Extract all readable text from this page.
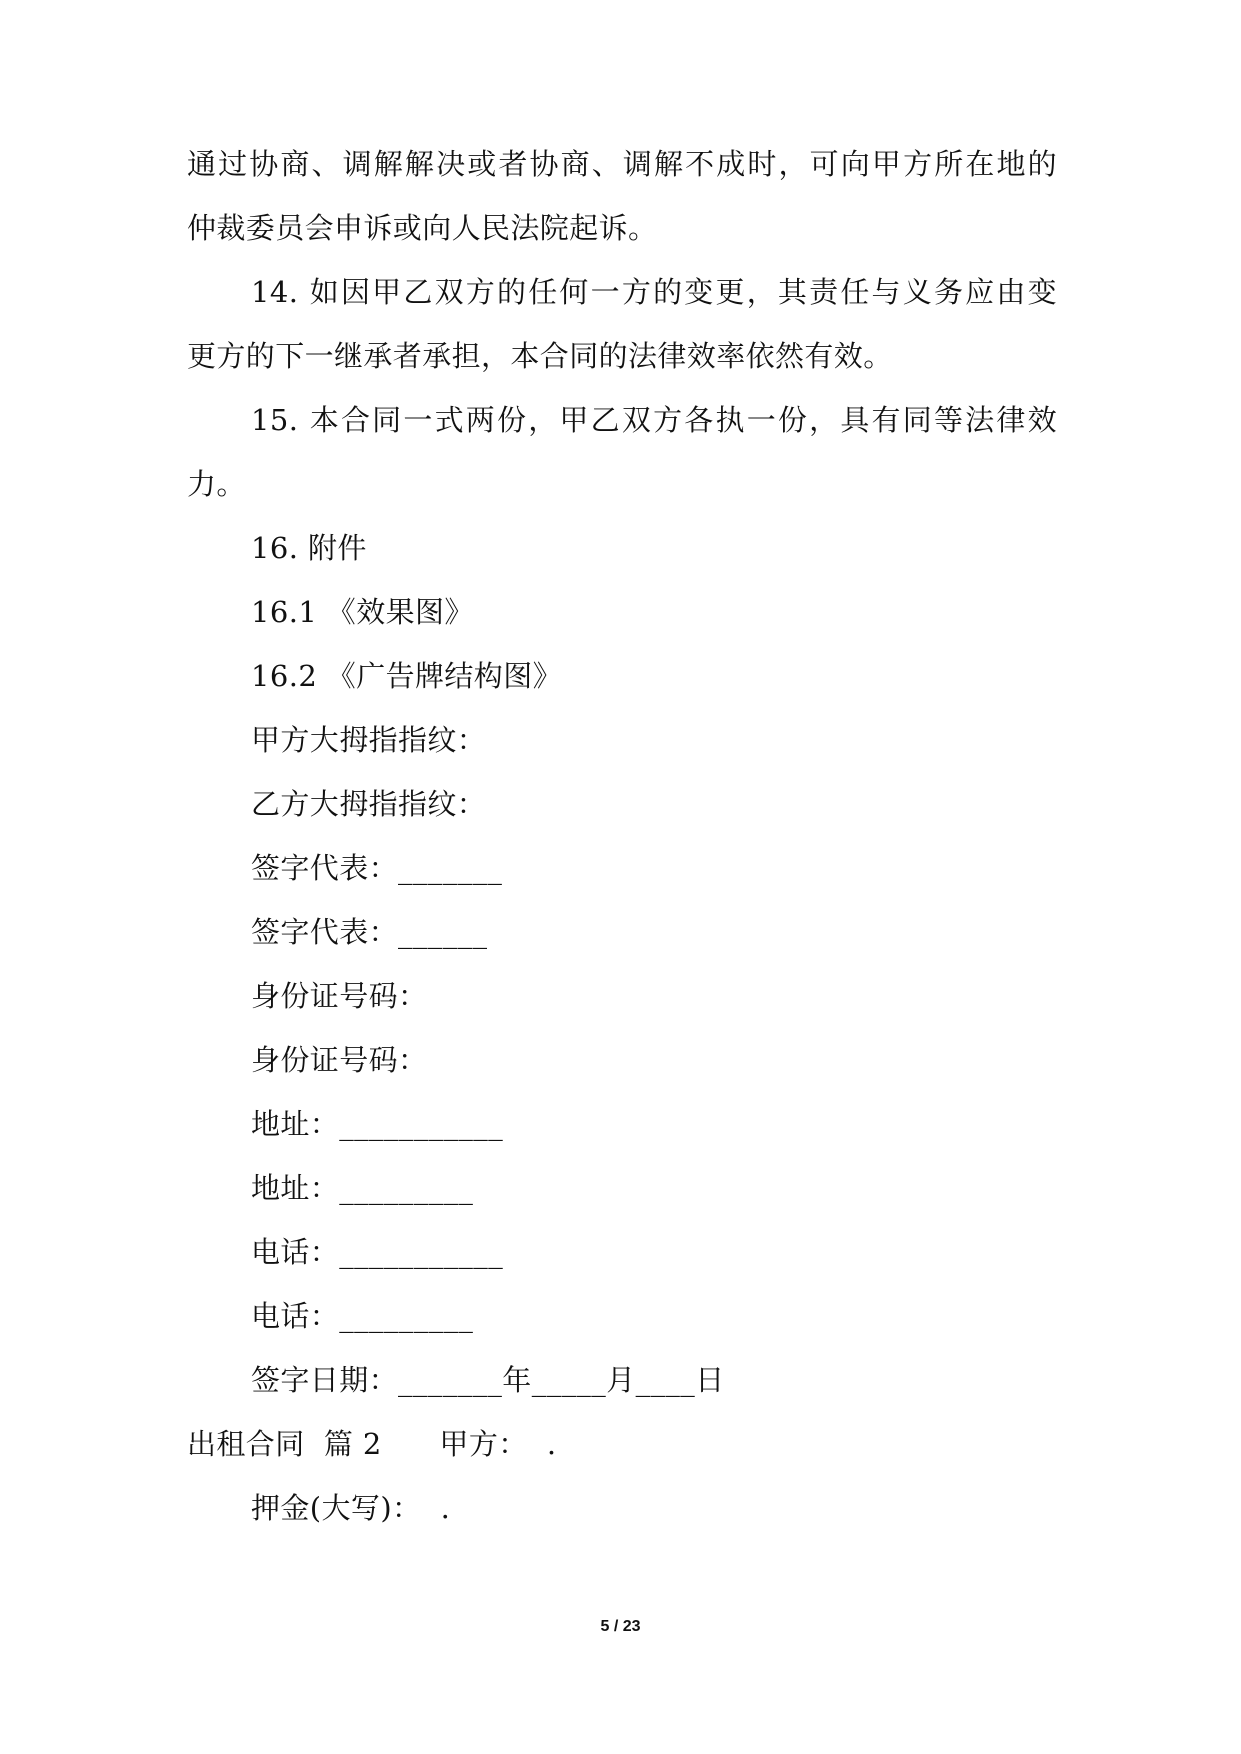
通过协商、调解解决或者协商、调解不成时，可向甲方所在地的
仲裁委员会申诉或向人民法院起诉。
14. 如因甲乙双方的任何一方的变更，其责任与义务应由变
更方的下一继承者承担，本合同的法律效率依然有效。
15. 本合同一式两份，甲乙双方各执一份，具有同等法律效
力。
16. 附件
16.1 《效果图》
16.2 《广告牌结构图》
甲方大拇指指纹：
乙方大拇指指纹：
签字代表：_______
签字代表：______
身份证号码：
身份证号码：
地址：___________
地址：_________
电话：___________
电话：_________
签字日期：_______年_____月____日
出租合同  篇 2      甲方：  .
押金(大写)：  .
5 / 23
